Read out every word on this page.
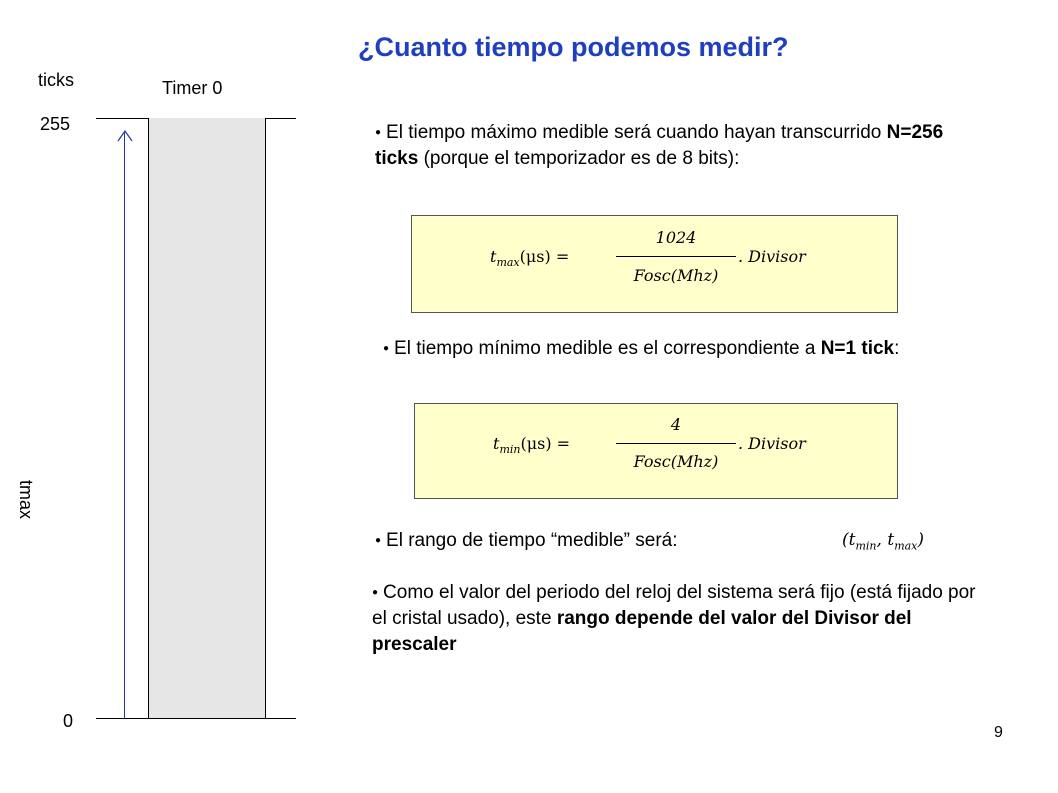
¿Cuanto tiempo podemos medir?
ticks	Timer 0
255
0
tmax
● El tiempo máximo medible será cuando hayan transcurrido N=256 ticks (porque el temporizador es de 8 bits):
$t_{max}(\mu s)$ =
1024
Fosc(Mhz)
. Divisor
● El tiempo mínimo medible es el correspondiente a N=1 tick:
$t_{min}(\mu s)$ =
4
Fosc(Mhz)
. Divisor
● El rango de tiempo “medible” será:	($t_{min}$, $t_{max}$)
● Como el valor del periodo del reloj del sistema será fijo (está fijado por el cristal usado), este rango depende del valor del Divisor del prescaler
9
